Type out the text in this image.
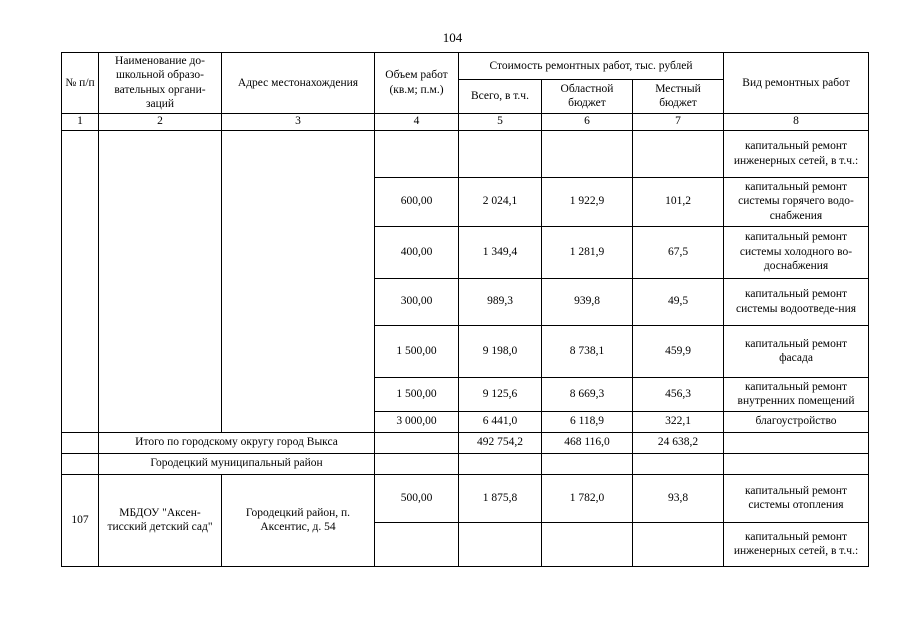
104
№ п/п	Наименование до-школьной образо-вательных органи-заций	Адрес местонахождения	Объем работ (кв.м; п.м.)	Стоимость ремонтных работ, тыс. рублей			Вид ремонтных работ
				Всего, в т.ч.	Областной бюджет	Местный бюджет	
1	2	3	4	5	6	7	8
							капитальный ремонт инженерных сетей, в т.ч.:
			600,00	2 024,1	1 922,9	101,2	капитальный ремонт системы горячего водо-снабжения
			400,00	1 349,4	1 281,9	67,5	капитальный ремонт системы холодного во-доснабжения
			300,00	989,3	939,8	49,5	капитальный ремонт системы водоотведе-ния
			1 500,00	9 198,0	8 738,1	459,9	капитальный ремонт фасада
			1 500,00	9 125,6	8 669,3	456,3	капитальный ремонт внутренних помещений
			3 000,00	6 441,0	6 118,9	322,1	благоустройство
	Итого по городскому округу город Выкса			492 754,2	468 116,0	24 638,2	
	Городецкий муниципальный район						
107	МБДОУ "Аксен-тисский детский сад"	Городецкий район, п. Аксентис, д. 54	500,00	1 875,8	1 782,0	93,8	капитальный ремонт системы отопления
							капитальный ремонт инженерных сетей, в т.ч.:
